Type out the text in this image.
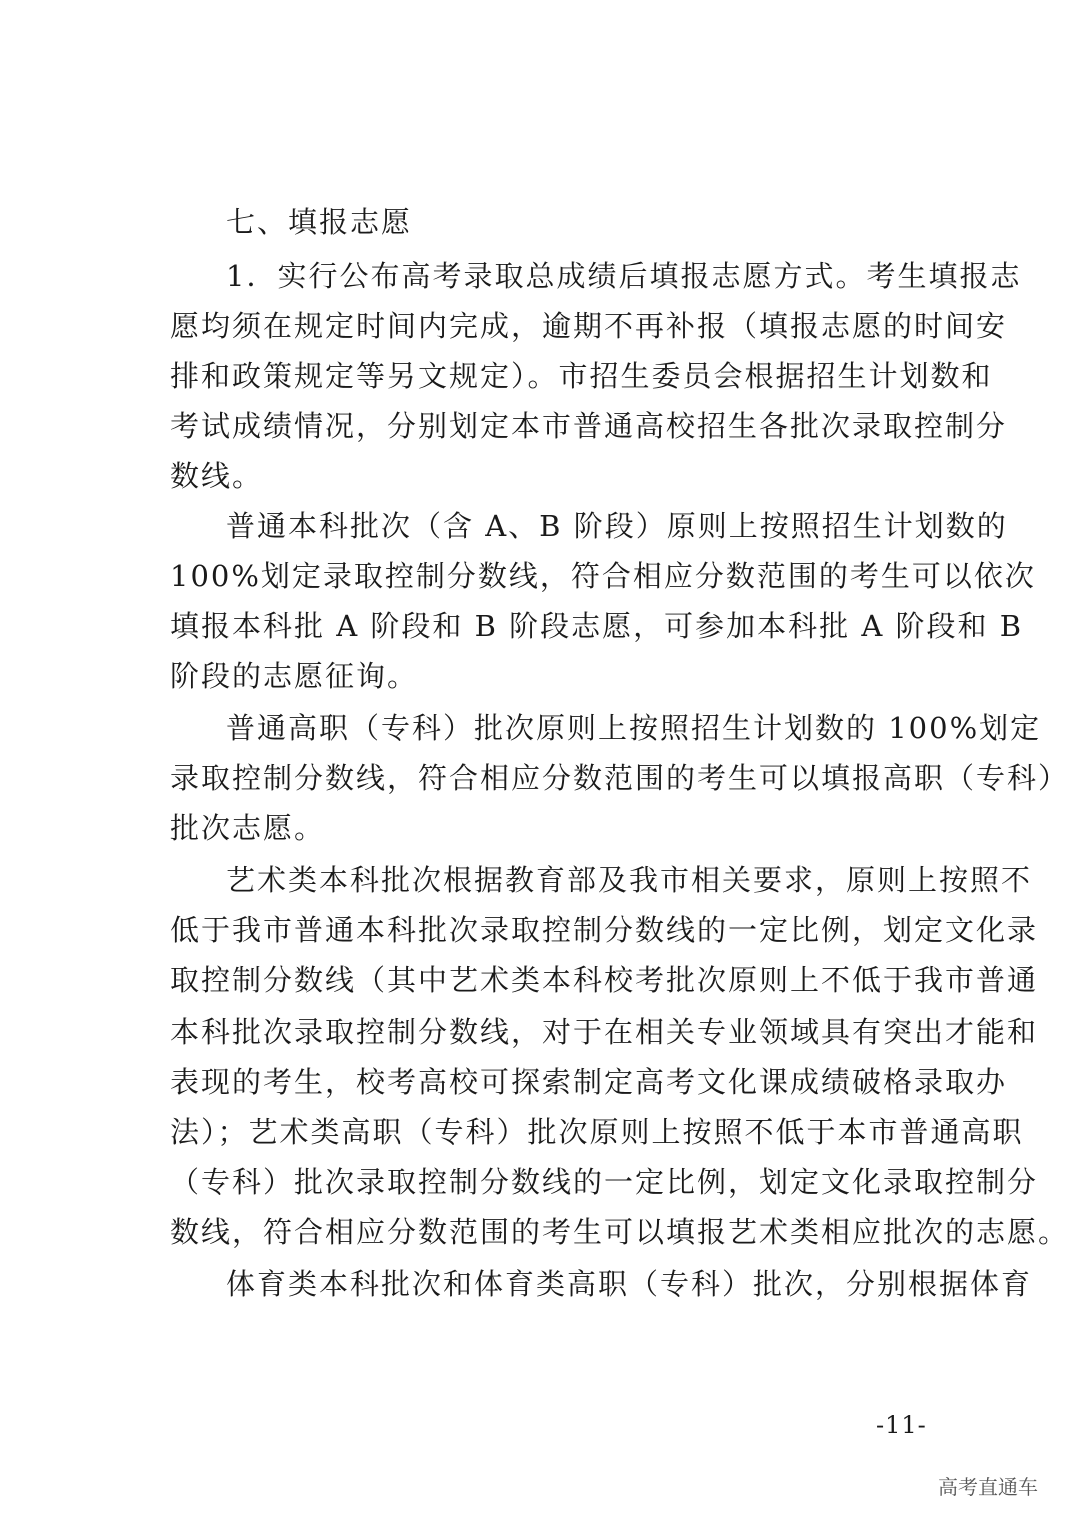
七、填报志愿
1．实行公布高考录取总成绩后填报志愿方式。考生填报志
愿均须在规定时间内完成，逾期不再补报（填报志愿的时间安
排和政策规定等另文规定）。市招生委员会根据招生计划数和
考试成绩情况，分别划定本市普通高校招生各批次录取控制分
数线。
普通本科批次（含 A、B 阶段）原则上按照招生计划数的
100%划定录取控制分数线，符合相应分数范围的考生可以依次
填报本科批 A 阶段和 B 阶段志愿，可参加本科批 A 阶段和 B
阶段的志愿征询。
普通高职（专科）批次原则上按照招生计划数的 100%划定
录取控制分数线，符合相应分数范围的考生可以填报高职（专科）
批次志愿。
艺术类本科批次根据教育部及我市相关要求，原则上按照不
低于我市普通本科批次录取控制分数线的一定比例，划定文化录
取控制分数线（其中艺术类本科校考批次原则上不低于我市普通
本科批次录取控制分数线，对于在相关专业领域具有突出才能和
表现的考生，校考高校可探索制定高考文化课成绩破格录取办
法）；艺术类高职（专科）批次原则上按照不低于本市普通高职
（专科）批次录取控制分数线的一定比例，划定文化录取控制分
数线，符合相应分数范围的考生可以填报艺术类相应批次的志愿。
体育类本科批次和体育类高职（专科）批次，分别根据体育
-11-
高考直通车
